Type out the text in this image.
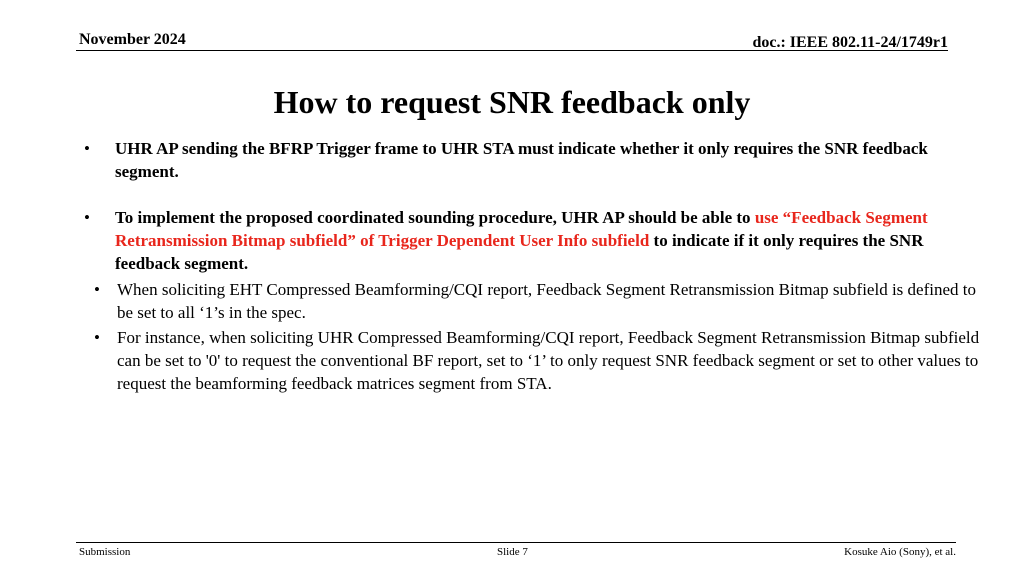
November 2024	doc.: IEEE 802.11-24/1749r1
How to request SNR feedback only
• UHR AP sending the BFRP Trigger frame to UHR STA must indicate whether it only requires the SNR feedback segment.
• To implement the proposed coordinated sounding procedure, UHR AP should be able to use “Feedback Segment Retransmission Bitmap subfield” of Trigger Dependent User Info subfield to indicate if it only requires the SNR feedback segment.
• When soliciting EHT Compressed Beamforming/CQI report, Feedback Segment Retransmission Bitmap subfield is defined to be set to all ‘1’s in the spec.
• For instance, when soliciting UHR Compressed Beamforming/CQI report, Feedback Segment Retransmission Bitmap subfield can be set to '0' to request the conventional BF report, set to ‘1’ to only request SNR feedback segment or set to other values to request the beamforming feedback matrices segment from STA.
Submission	Slide 7	Kosuke Aio (Sony), et al.
